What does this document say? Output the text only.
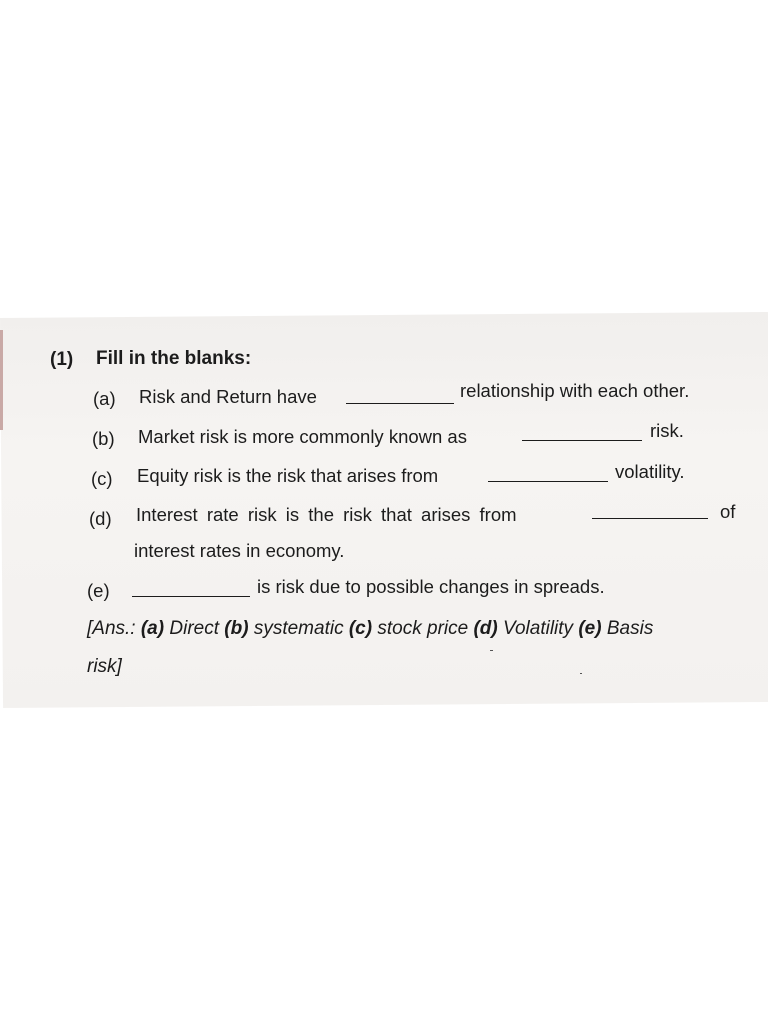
(1) Fill in the blanks:
(a) Risk and Return have	relationship with each other.
(b) Market risk is more commonly known as	risk.
(c) Equity risk is the risk that arises from	volatility.
(d) Interest rate risk is the risk that arises from	of
interest rates in economy.
(e)	is risk due to possible changes in spreads.
[Ans.: (a) Direct (b) systematic (c) stock price (d) Volatility (e) Basis
risk]
